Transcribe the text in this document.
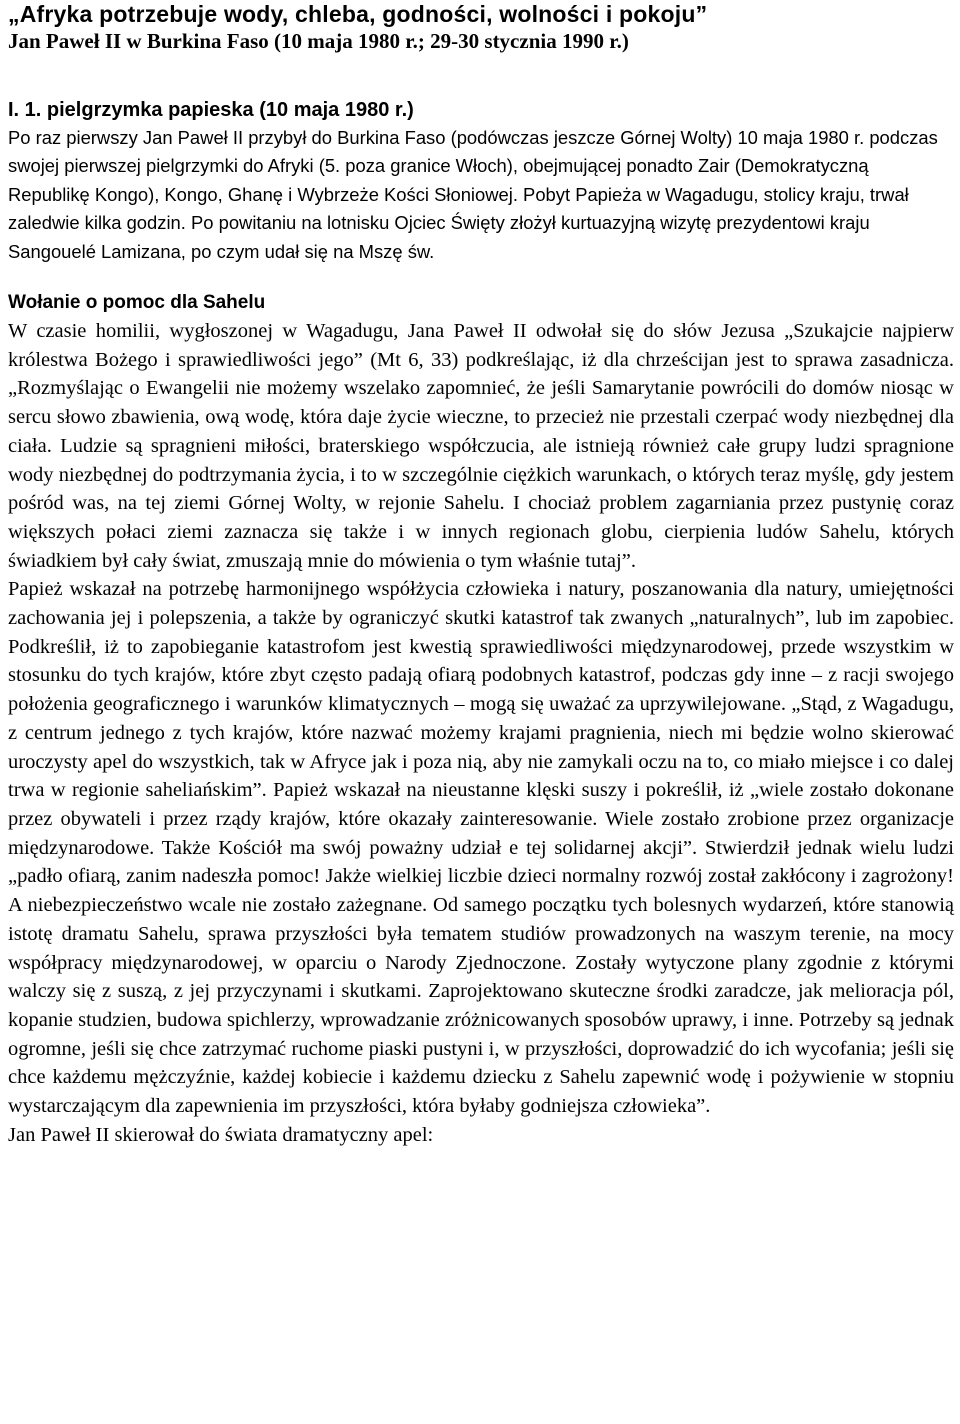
„Afryka potrzebuje wody, chleba, godności, wolności i pokoju”
Jan Paweł II w Burkina Faso (10 maja 1980 r.; 29-30 stycznia 1990 r.)
I. 1. pielgrzymka papieska (10 maja 1980 r.)

Po raz pierwszy Jan Paweł II przybył do Burkina Faso (podówczas jeszcze Górnej Wolty) 10 maja 1980 r. podczas swojej pierwszej pielgrzymki do Afryki (5. poza granice Włoch), obejmującej ponadto Zair (Demokratyczną Republikę Kongo), Kongo, Ghanę i Wybrzeże Kości Słoniowej. Pobyt Papieża w Wagadugu, stolicy kraju, trwał zaledwie kilka godzin. Po powitaniu na lotnisku Ojciec Święty złożył kurtuazyjną wizytę prezydentowi kraju Sangouelé Lamizana, po czym udał się na Mszę św.

Wołanie o pomoc dla Sahelu

W czasie homilii, wygłoszonej w Wagadugu, Jana Paweł II odwołał się do słów Jezusa „Szukajcie najpierw królestwa Bożego i sprawiedliwości jego” (Mt 6, 33) podkreślając, iż dla chrześcijan jest to sprawa zasadnicza. „Rozmyślając o Ewangelii nie możemy wszelako zapomnieć, że jeśli Samarytanie powrócili do domów niosąc w sercu słowo zbawienia, ową wodę, która daje życie wieczne, to przecież nie przestali czerpać wody niezbędnej dla ciała. Ludzie są spragnieni miłości, braterskiego współczucia, ale istnieją również całe grupy ludzi spragnione wody niezbędnej do podtrzymania życia, i to w szczególnie ciężkich warunkach, o których teraz myślę, gdy jestem pośród was, na tej ziemi Górnej Wolty, w rejonie Sahelu. I chociaż problem zagarniania przez pustynię coraz większych połaci ziemi zaznacza się także i w innych regionach globu, cierpienia ludów Sahelu, których świadkiem był cały świat, zmuszają mnie do mówienia o tym właśnie tutaj”.

Papież wskazał na potrzebę harmonijnego współżycia człowieka i natury, poszanowania dla natury, umiejętności zachowania jej i polepszenia, a także by ograniczyć skutki katastrof tak zwanych „naturalnych”, lub im zapobiec. Podkreślił, iż to zapobieganie katastrofom jest kwestią sprawiedliwości międzynarodowej, przede wszystkim w stosunku do tych krajów, które zbyt często padają ofiarą podobnych katastrof, podczas gdy inne – z racji swojego położenia geograficznego i warunków klimatycznych – mogą się uważać za uprzywilejowane. „Stąd, z Wagadugu, z centrum jednego z tych krajów, które nazwać możemy krajami pragnienia, niech mi będzie wolno skierować uroczysty apel do wszystkich, tak w Afryce jak i poza nią, aby nie zamykali oczu na to, co miało miejsce i co dalej trwa w regionie saheliańskim”. Papież wskazał na nieustanne klęski suszy i pokreślił, iż „wiele zostało dokonane przez obywateli i przez rządy krajów, które okazały zainteresowanie. Wiele zostało zrobione przez organizacje międzynarodowe. Także Kościół ma swój poważny udział e tej solidarnej akcji”. Stwierdził jednak wielu ludzi „padło ofiarą, zanim nadeszła pomoc! Jakże wielkiej liczbie dzieci normalny rozwój został zakłócony i zagrożony! A niebezpieczeństwo wcale nie zostało zażegnane. Od samego początku tych bolesnych wydarzeń, które stanowią istotę dramatu Sahelu, sprawa przyszłości była tematem studiów prowadzonych na waszym terenie, na mocy współpracy międzynarodowej, w oparciu o Narody Zjednoczone. Zostały wytyczone plany zgodnie z którymi walczy się z suszą, z jej przyczynami i skutkami. Zaprojektowano skuteczne środki zaradcze, jak melioracja pól, kopanie studzien, budowa spichlerzy, wprowadzanie zróżnicowanych sposobów uprawy, i inne. Potrzeby są jednak ogromne, jeśli się chce zatrzymać ruchome piaski pustyni i, w przyszłości, doprowadzić do ich wycofania; jeśli się chce każdemu mężczyźnie, każdej kobiecie i każdemu dziecku z Sahelu zapewnić wodę i pożywienie w stopniu wystarczającym dla zapewnienia im przyszłości, która byłaby godniejsza człowieka”.

Jan Paweł II skierował do świata dramatyczny apel:
